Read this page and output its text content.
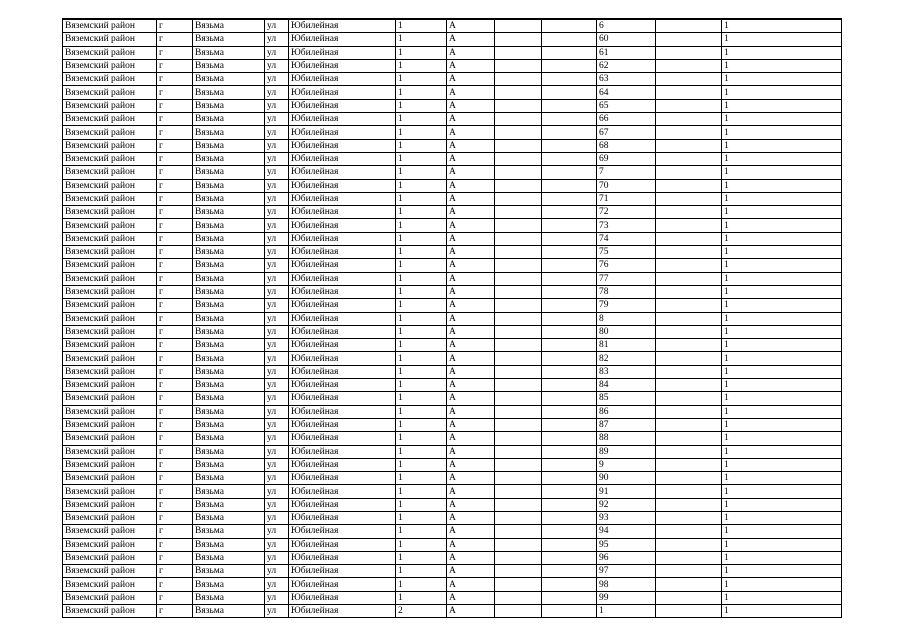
Вяземский район	г	Вязьма	ул	Юбилейная	1	А			6		1
Вяземский район	г	Вязьма	ул	Юбилейная	1	А			60		1
Вяземский район	г	Вязьма	ул	Юбилейная	1	А			61		1
Вяземский район	г	Вязьма	ул	Юбилейная	1	А			62		1
Вяземский район	г	Вязьма	ул	Юбилейная	1	А			63		1
Вяземский район	г	Вязьма	ул	Юбилейная	1	А			64		1
Вяземский район	г	Вязьма	ул	Юбилейная	1	А			65		1
Вяземский район	г	Вязьма	ул	Юбилейная	1	А			66		1
Вяземский район	г	Вязьма	ул	Юбилейная	1	А			67		1
Вяземский район	г	Вязьма	ул	Юбилейная	1	А			68		1
Вяземский район	г	Вязьма	ул	Юбилейная	1	А			69		1
Вяземский район	г	Вязьма	ул	Юбилейная	1	А			7		1
Вяземский район	г	Вязьма	ул	Юбилейная	1	А			70		1
Вяземский район	г	Вязьма	ул	Юбилейная	1	А			71		1
Вяземский район	г	Вязьма	ул	Юбилейная	1	А			72		1
Вяземский район	г	Вязьма	ул	Юбилейная	1	А			73		1
Вяземский район	г	Вязьма	ул	Юбилейная	1	А			74		1
Вяземский район	г	Вязьма	ул	Юбилейная	1	А			75		1
Вяземский район	г	Вязьма	ул	Юбилейная	1	А			76		1
Вяземский район	г	Вязьма	ул	Юбилейная	1	А			77		1
Вяземский район	г	Вязьма	ул	Юбилейная	1	А			78		1
Вяземский район	г	Вязьма	ул	Юбилейная	1	А			79		1
Вяземский район	г	Вязьма	ул	Юбилейная	1	А			8		1
Вяземский район	г	Вязьма	ул	Юбилейная	1	А			80		1
Вяземский район	г	Вязьма	ул	Юбилейная	1	А			81		1
Вяземский район	г	Вязьма	ул	Юбилейная	1	А			82		1
Вяземский район	г	Вязьма	ул	Юбилейная	1	А			83		1
Вяземский район	г	Вязьма	ул	Юбилейная	1	А			84		1
Вяземский район	г	Вязьма	ул	Юбилейная	1	А			85		1
Вяземский район	г	Вязьма	ул	Юбилейная	1	А			86		1
Вяземский район	г	Вязьма	ул	Юбилейная	1	А			87		1
Вяземский район	г	Вязьма	ул	Юбилейная	1	А			88		1
Вяземский район	г	Вязьма	ул	Юбилейная	1	А			89		1
Вяземский район	г	Вязьма	ул	Юбилейная	1	А			9		1
Вяземский район	г	Вязьма	ул	Юбилейная	1	А			90		1
Вяземский район	г	Вязьма	ул	Юбилейная	1	А			91		1
Вяземский район	г	Вязьма	ул	Юбилейная	1	А			92		1
Вяземский район	г	Вязьма	ул	Юбилейная	1	А			93		1
Вяземский район	г	Вязьма	ул	Юбилейная	1	А			94		1
Вяземский район	г	Вязьма	ул	Юбилейная	1	А			95		1
Вяземский район	г	Вязьма	ул	Юбилейная	1	А			96		1
Вяземский район	г	Вязьма	ул	Юбилейная	1	А			97		1
Вяземский район	г	Вязьма	ул	Юбилейная	1	А			98		1
Вяземский район	г	Вязьма	ул	Юбилейная	1	А			99		1
Вяземский район	г	Вязьма	ул	Юбилейная	2	А			1		1
